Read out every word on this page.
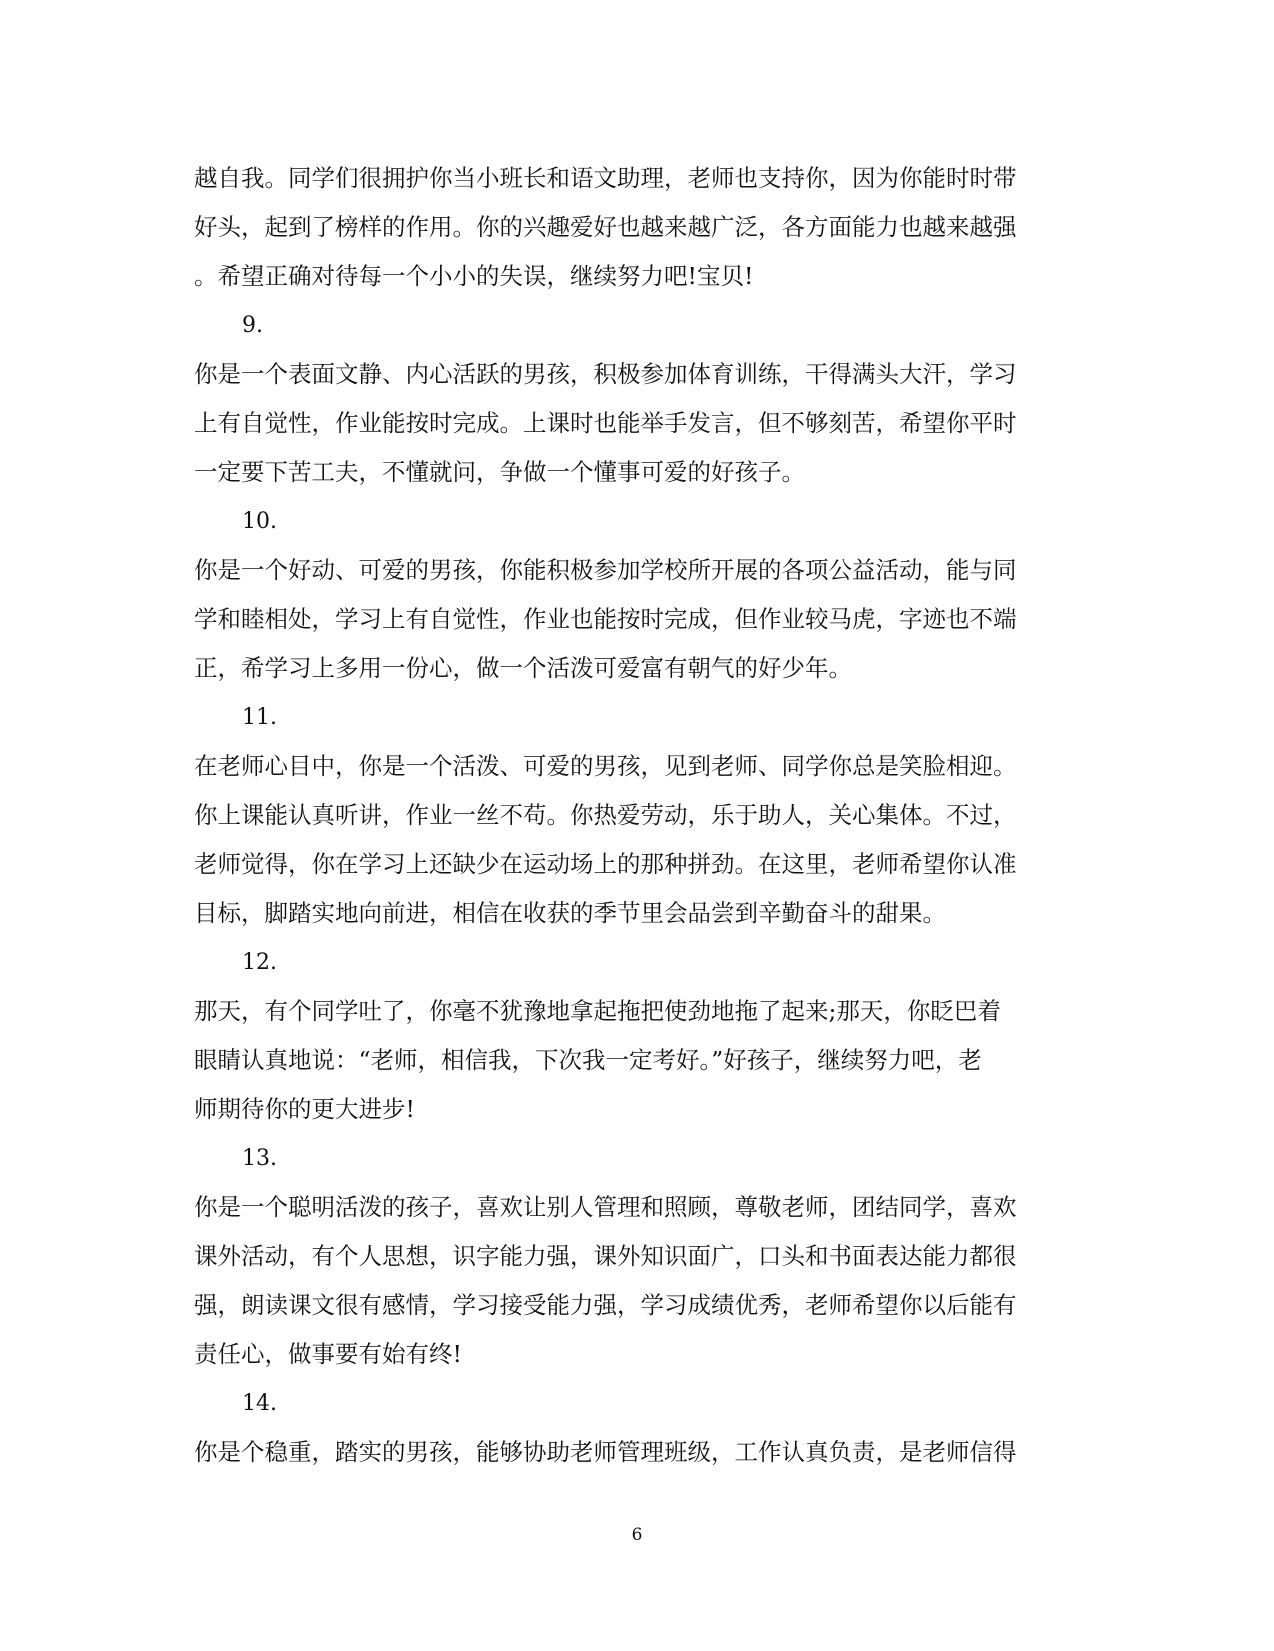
越自我。同学们很拥护你当小班长和语文助理，老师也支持你，因为你能时时带
好头，起到了榜样的作用。你的兴趣爱好也越来越广泛，各方面能力也越来越强
。希望正确对待每一个小小的失误，继续努力吧!宝贝!
9.
你是一个表面文静、内心活跃的男孩，积极参加体育训练，干得满头大汗，学习
上有自觉性，作业能按时完成。上课时也能举手发言，但不够刻苦，希望你平时
一定要下苦工夫，不懂就问，争做一个懂事可爱的好孩子。
10.
你是一个好动、可爱的男孩，你能积极参加学校所开展的各项公益活动，能与同
学和睦相处，学习上有自觉性，作业也能按时完成，但作业较马虎，字迹也不端
正，希学习上多用一份心，做一个活泼可爱富有朝气的好少年。
11.
在老师心目中，你是一个活泼、可爱的男孩，见到老师、同学你总是笑脸相迎。
你上课能认真听讲，作业一丝不苟。你热爱劳动，乐于助人，关心集体。不过，
老师觉得，你在学习上还缺少在运动场上的那种拼劲。在这里，老师希望你认准
目标，脚踏实地向前进，相信在收获的季节里会品尝到辛勤奋斗的甜果。
12.
那天，有个同学吐了，你毫不犹豫地拿起拖把使劲地拖了起来;那天，你眨巴着
眼睛认真地说：“老师，相信我，下次我一定考好。”好孩子，继续努力吧，老
师期待你的更大进步!
13.
你是一个聪明活泼的孩子，喜欢让别人管理和照顾，尊敬老师，团结同学，喜欢
课外活动，有个人思想，识字能力强，课外知识面广，口头和书面表达能力都很
强，朗读课文很有感情，学习接受能力强，学习成绩优秀，老师希望你以后能有
责任心，做事要有始有终!
14.
你是个稳重，踏实的男孩，能够协助老师管理班级，工作认真负责，是老师信得
6
